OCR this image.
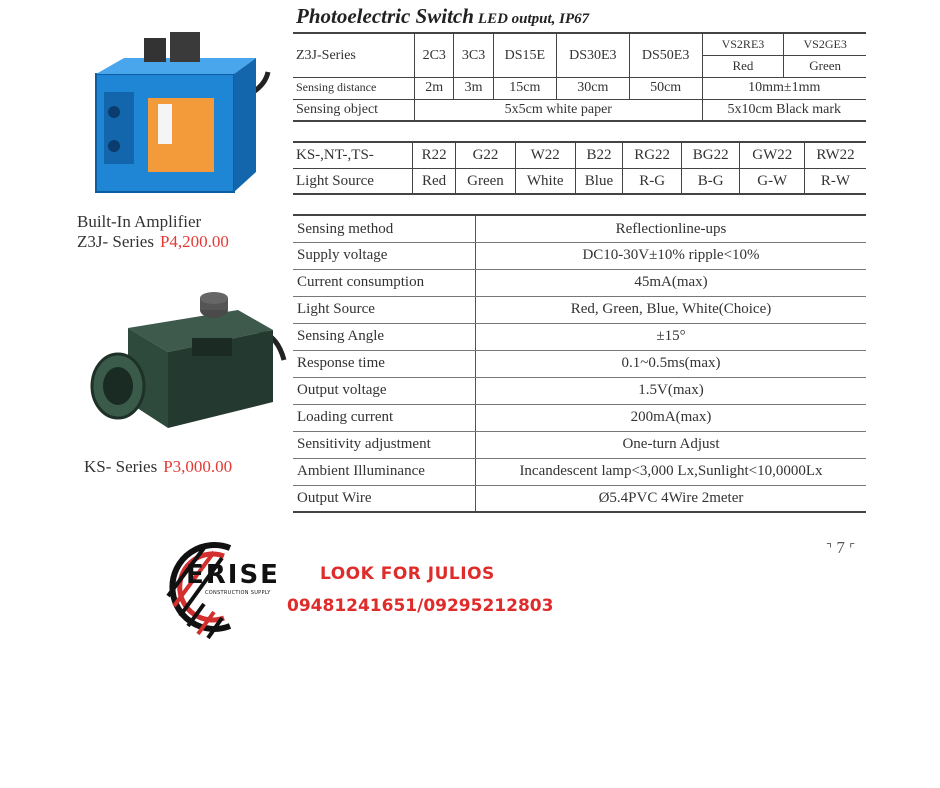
Photoelectric Switch LED output, IP67
Z3J-Series	2C3	3C3	DS15E	DS30E3	DS50E3	VS2RE3	VS2GE3
						Red	Green
Sensing distance	2m	3m	15cm	30cm	50cm	10mm±1mm	
Sensing object	5x5cm white paper					5x10cm Black mark	
KS-,NT-,TS-	R22	G22	W22	B22	RG22	BG22	GW22	RW22
Light Source	Red	Green	White	Blue	R-G	B-G	G-W	R-W
Sensing method	Reflectionline-ups
Supply voltage	DC10-30V±10% ripple<10%
Current consumption	45mA(max)
Light Source	Red, Green, Blue, White(Choice)
Sensing Angle	±15°
Response time	0.1~0.5ms(max)
Output voltage	1.5V(max)
Loading current	200mA(max)
Sensitivity adjustment	One-turn Adjust
Ambient Illuminance	Incandescent lamp<3,000 Lx,Sunlight<10,0000Lx
Output Wire	Ø5.4PVC 4Wire 2meter
Built-In Amplifier
Z3J- Series P4,200.00
KS- Series P3,000.00
⌝ 7 ⌜
ERISE
CONSTRUCTION SUPPLY
LOOK FOR JULIOS
09481241651/09295212803
